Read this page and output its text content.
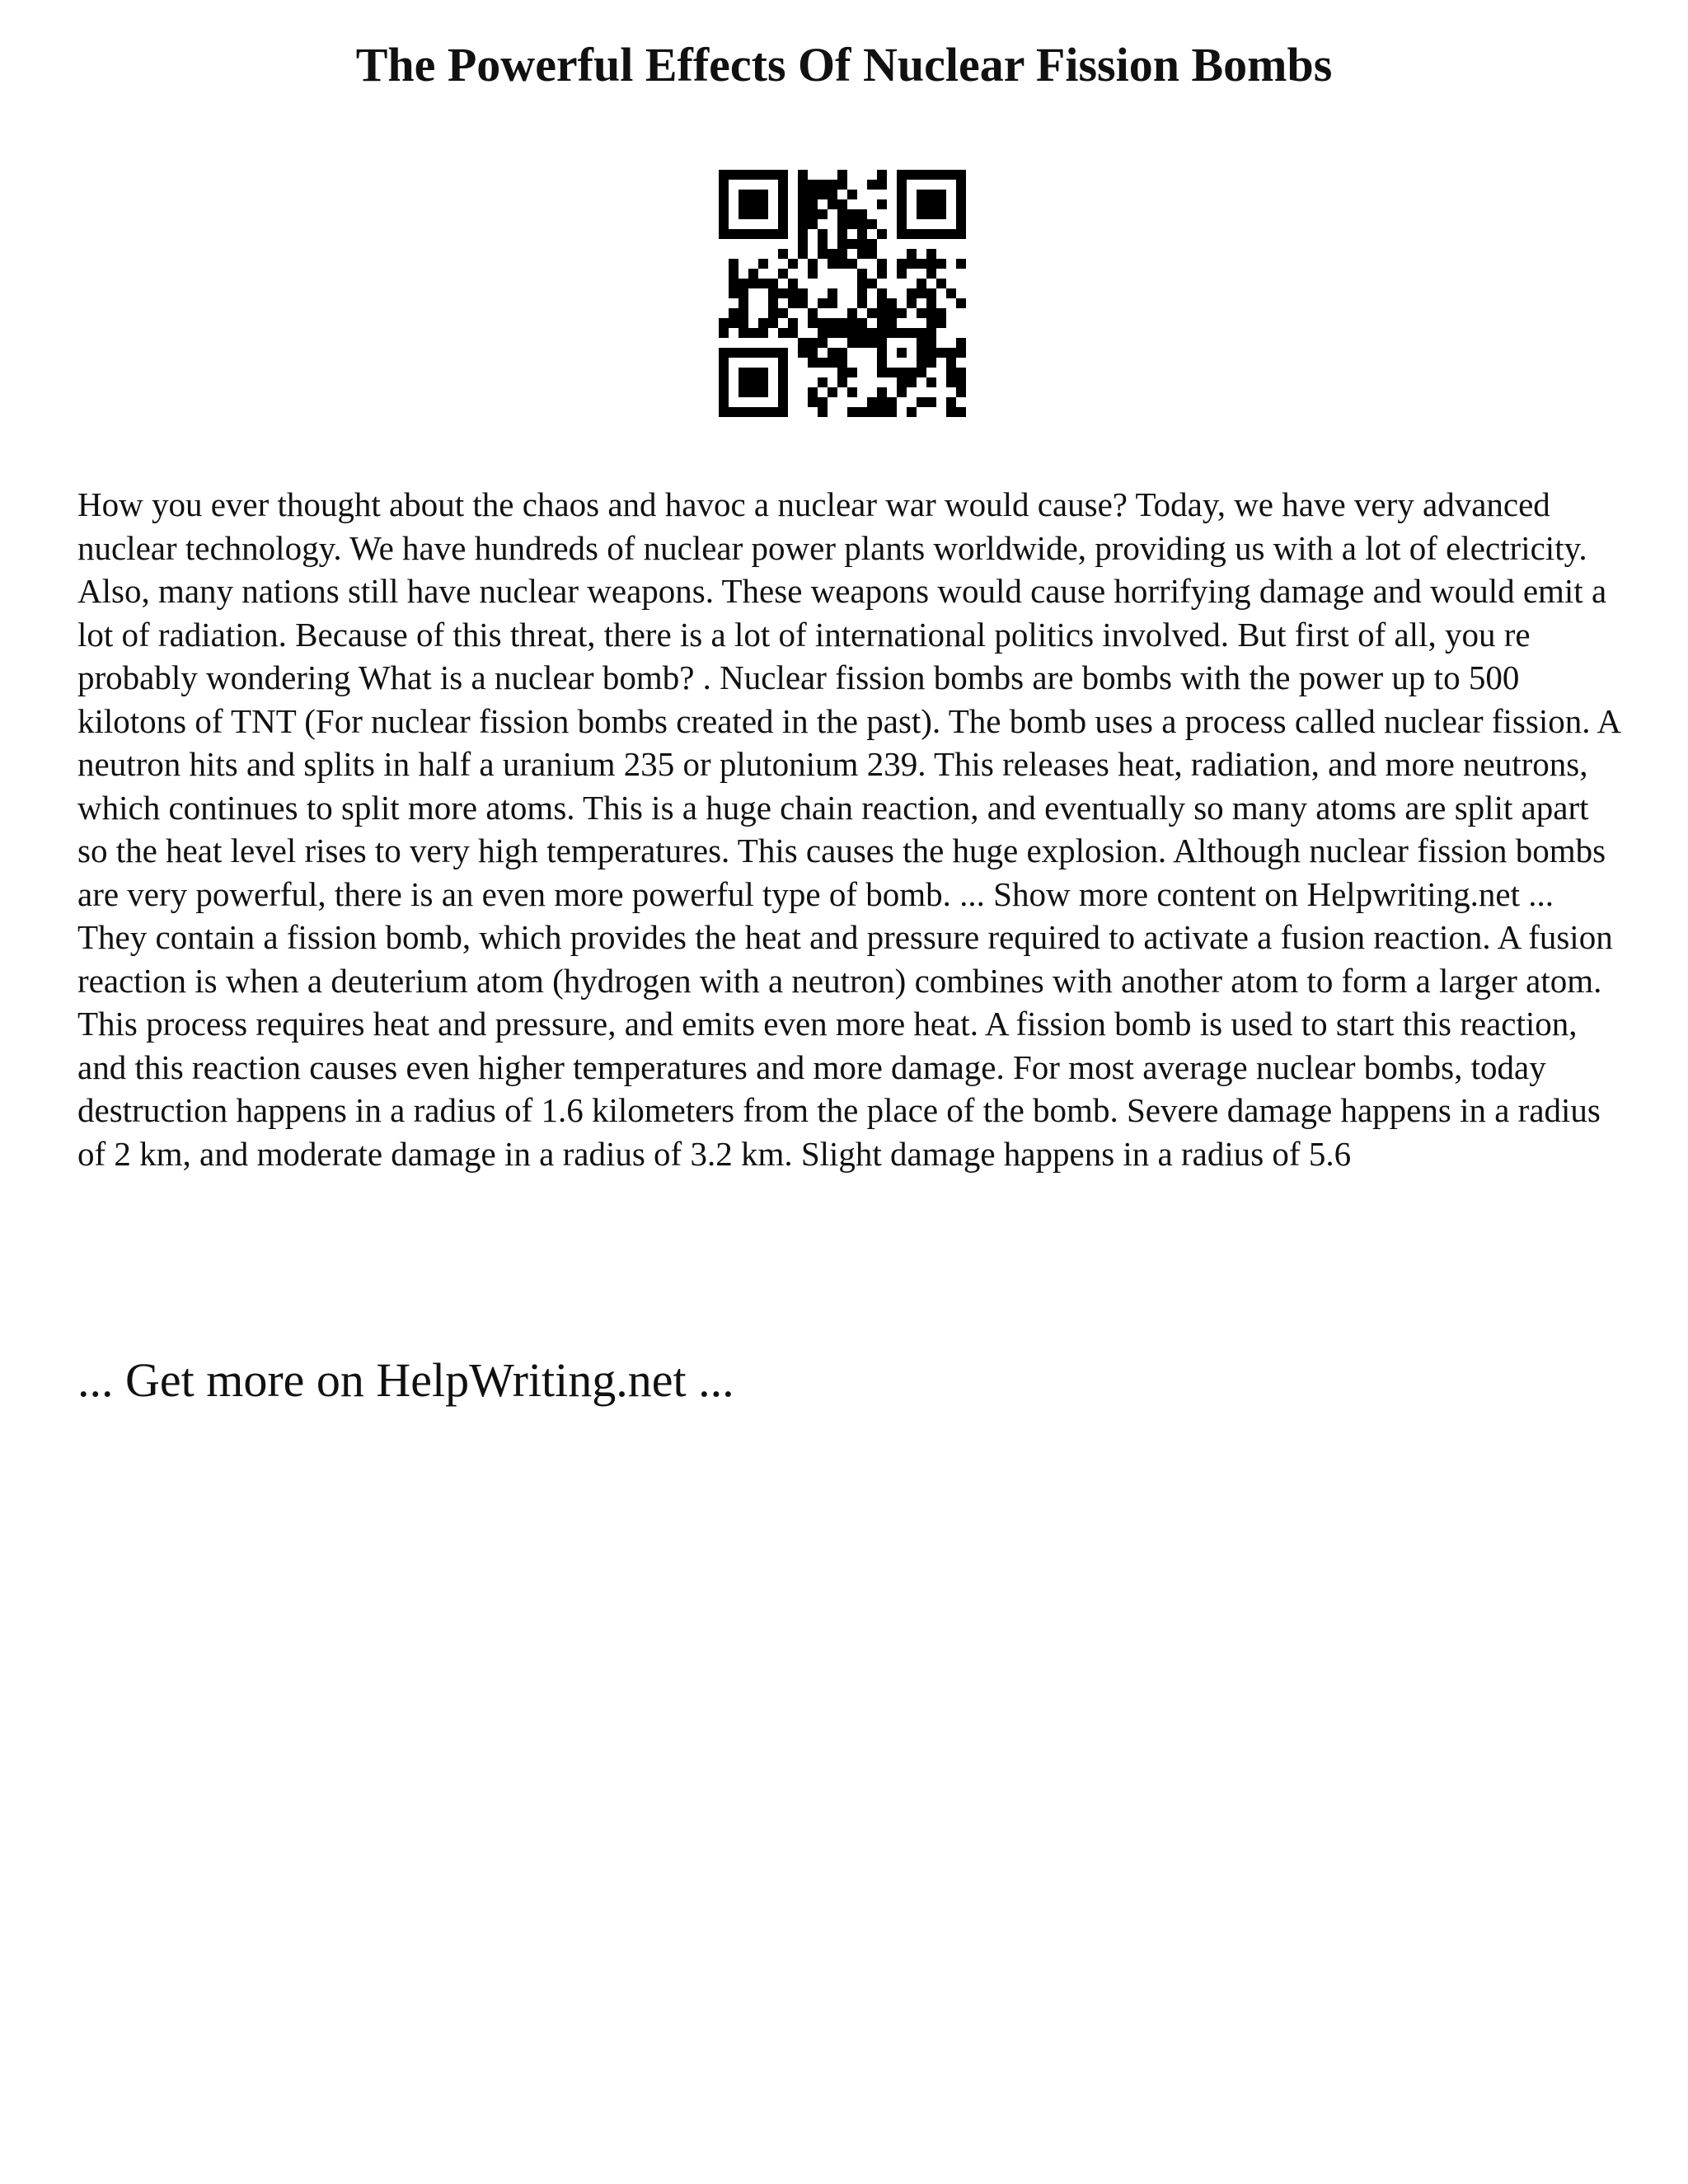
The Powerful Effects Of Nuclear Fission Bombs

How you ever thought about the chaos and havoc a nuclear war would cause? Today, we have very advanced nuclear technology. We have hundreds of nuclear power plants worldwide, providing us with a lot of electricity. Also, many nations still have nuclear weapons. These weapons would cause horrifying damage and would emit a lot of radiation. Because of this threat, there is a lot of international politics involved. But first of all, you re probably wondering What is a nuclear bomb? . Nuclear fission bombs are bombs with the power up to 500 kilotons of TNT (For nuclear fission bombs created in the past). The bomb uses a process called nuclear fission. A neutron hits and splits in half a uranium 235 or plutonium 239. This releases heat, radiation, and more neutrons, which continues to split more atoms. This is a huge chain reaction, and eventually so many atoms are split apart so the heat level rises to very high temperatures. This causes the huge explosion. Although nuclear fission bombs are very powerful, there is an even more powerful type of bomb. ... Show more content on Helpwriting.net ...

They contain a fission bomb, which provides the heat and pressure required to activate a fusion reaction. A fusion reaction is when a deuterium atom (hydrogen with a neutron) combines with another atom to form a larger atom. This process requires heat and pressure, and emits even more heat. A fission bomb is used to start this reaction, and this reaction causes even higher temperatures and more damage. For most average nuclear bombs, today destruction happens in a radius of 1.6 kilometers from the place of the bomb. Severe damage happens in a radius of 2 km, and moderate damage in a radius of 3.2 km. Slight damage happens in a radius of 5.6

... Get more on HelpWriting.net ...
